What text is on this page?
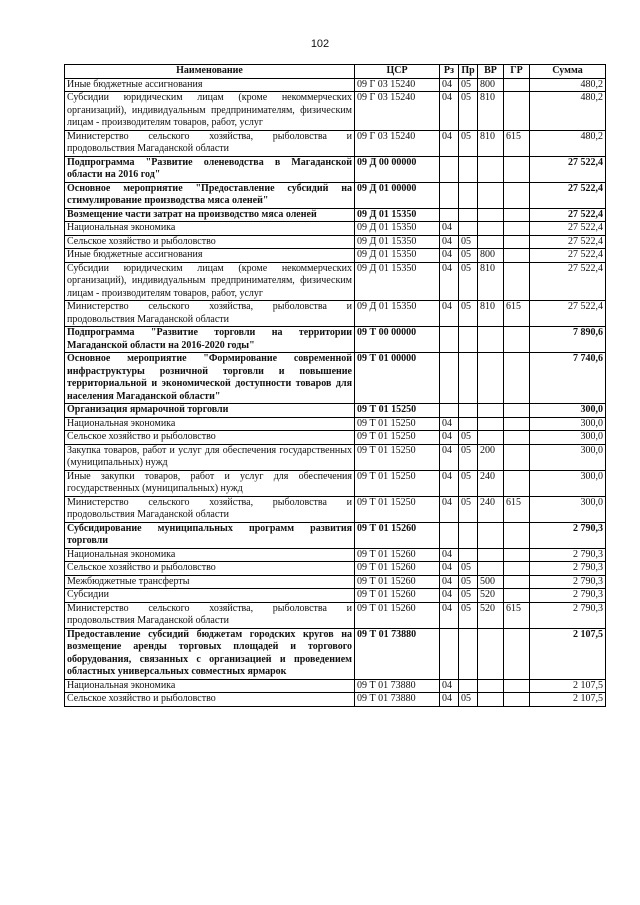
102
Наименование	ЦСР	Рз	Пр	ВР	ГР	Сумма
Иные бюджетные ассигнования	09 Г 03 15240	04	05	800		480,2
Субсидии юридическим лицам (кроме некоммерческих организаций), индивидуальным предпринимателям, физическим лицам - производителям товаров, работ, услуг	09 Г 03 15240	04	05	810		480,2
Министерство сельского хозяйства, рыболовства и продовольствия Магаданской области	09 Г 03 15240	04	05	810	615	480,2
Подпрограмма "Развитие оленеводства в Магаданской области на 2016 год"	09 Д 00 00000					27 522,4
Основное мероприятие "Предоставление субсидий на стимулирование производства мяса оленей"	09 Д 01 00000					27 522,4
Возмещение части затрат на производство мяса оленей	09 Д 01 15350					27 522,4
Национальная экономика	09 Д 01 15350	04				27 522,4
Сельское хозяйство и рыболовство	09 Д 01 15350	04	05			27 522,4
Иные бюджетные ассигнования	09 Д 01 15350	04	05	800		27 522,4
Субсидии юридическим лицам (кроме некоммерческих организаций), индивидуальным предпринимателям, физическим лицам - производителям товаров, работ, услуг	09 Д 01 15350	04	05	810		27 522,4
Министерство сельского хозяйства, рыболовства и продовольствия Магаданской области	09 Д 01 15350	04	05	810	615	27 522,4
Подпрограмма "Развитие торговли на территории Магаданской области на 2016-2020 годы"	09 Т 00 00000					7 890,6
Основное мероприятие "Формирование современной инфраструктуры розничной торговли и повышение территориальной и экономической доступности товаров для населения Магаданской области"	09 Т 01 00000					7 740,6
Организация ярмарочной торговли	09 Т 01 15250					300,0
Национальная экономика	09 Т 01 15250	04				300,0
Сельское хозяйство и рыболовство	09 Т 01 15250	04	05			300,0
Закупка товаров, работ и услуг для обеспечения государственных (муниципальных) нужд	09 Т 01 15250	04	05	200		300,0
Иные закупки товаров, работ и услуг для обеспечения государственных (муниципальных) нужд	09 Т 01 15250	04	05	240		300,0
Министерство сельского хозяйства, рыболовства и продовольствия Магаданской области	09 Т 01 15250	04	05	240	615	300,0
Субсидирование муниципальных программ развития торговли	09 Т 01 15260					2 790,3
Национальная экономика	09 Т 01 15260	04				2 790,3
Сельское хозяйство и рыболовство	09 Т 01 15260	04	05			2 790,3
Межбюджетные трансферты	09 Т 01 15260	04	05	500		2 790,3
Субсидии	09 Т 01 15260	04	05	520		2 790,3
Министерство сельского хозяйства, рыболовства и продовольствия Магаданской области	09 Т 01 15260	04	05	520	615	2 790,3
Предоставление субсидий бюджетам городских кругов на возмещение аренды торговых площадей и торгового оборудования, связанных с организацией и проведением областных универсальных совместных ярмарок	09 Т 01 73880					2 107,5
Национальная экономика	09 Т 01 73880	04				2 107,5
Сельское хозяйство и рыболовство	09 Т 01 73880	04	05			2 107,5
